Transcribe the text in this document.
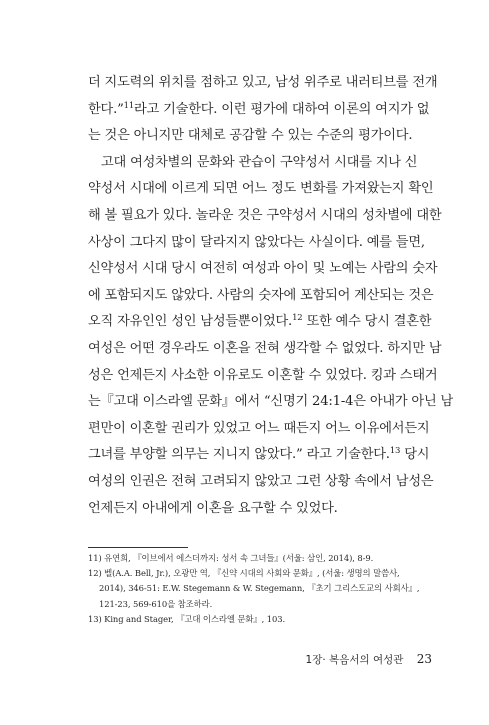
더 지도력의 위치를 점하고 있고, 남성 위주로 내러티브를 전개
한다.”$^{11}$라고 기술한다. 이런 평가에 대하여 이론의 여지가 없
는 것은 아니지만 대체로 공감할 수 있는 수준의 평가이다.
고대 여성차별의 문화와 관습이 구약성서 시대를 지나 신
약성서 시대에 이르게 되면 어느 정도 변화를 가져왔는지 확인
해 볼 필요가 있다. 놀라운 것은 구약성서 시대의 성차별에 대한
사상이 그다지 많이 달라지지 않았다는 사실이다. 예를 들면,
신약성서 시대 당시 여전히 여성과 아이 및 노예는 사람의 숫자
에 포함되지도 않았다. 사람의 숫자에 포함되어 계산되는 것은
오직 자유인인 성인 남성들뿐이었다.$^{12}$ 또한 예수 당시 결혼한
여성은 어떤 경우라도 이혼을 전혀 생각할 수 없었다. 하지만 남
성은 언제든지 사소한 이유로도 이혼할 수 있었다. 킹과 스태거
는『고대 이스라엘 문화』에서 “신명기 24:1-4은 아내가 아닌 남
편만이 이혼할 권리가 있었고 어느 때든지 어느 이유에서든지
그녀를 부양할 의무는 지니지 않았다.” 라고 기술한다.$^{13}$ 당시
여성의 인권은 전혀 고려되지 않았고 그런 상황 속에서 남성은
언제든지 아내에게 이혼을 요구할 수 있었다.
11) 유연희, 『이브에서 에스더까지: 성서 속 그녀들』(서울: 삼인, 2014), 8-9.
12) 벨(A.A. Bell, Jr.), 오광만 역, 『신약 시대의 사회와 문화』, (서울: 생명의 말씀사,
2014), 346-51: E.W. Stegemann & W. Stegemann, 『초기 그리스도교의 사회사』,
121-23, 569-610을 참조하라.
13) King and Stager, 『고대 이스라엘 문화』, 103.
1장· 복음서의 여성관 23
